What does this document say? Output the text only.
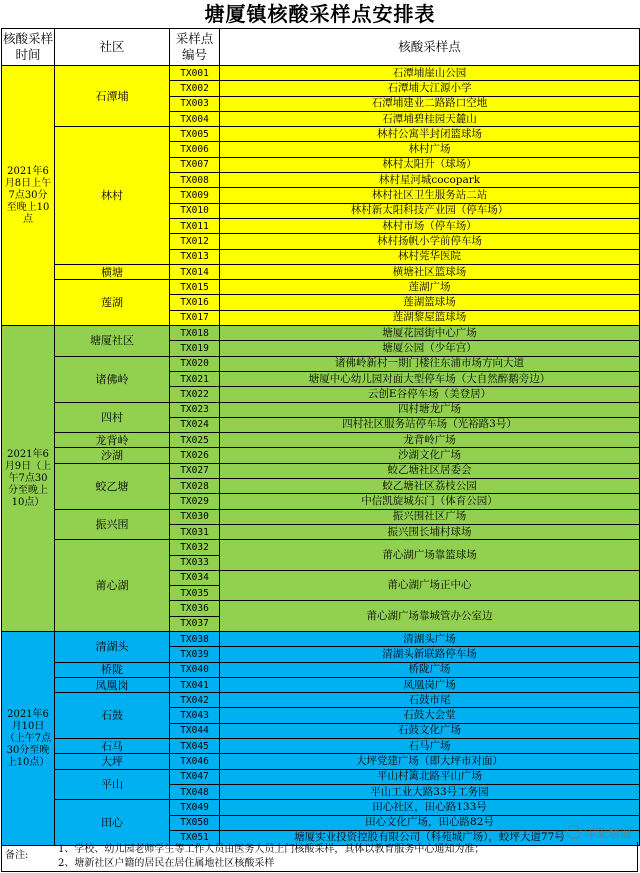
塘厦镇核酸采样点安排表
核酸采样时间	社区	采样点编号	核酸采样点
2021年6月8日上午7点30分至晚上10点	石潭埔	TX001	石潭埔崖山公园
		TX002	石潭埔大江源小学
		TX003	石潭埔建业二路路口空地
		TX004	石潭埔碧桂园天麓山
	林村	TX005	林村公寓半封闭篮球场
		TX006	林村广场
		TX007	林村太阳升（球场）
		TX008	林村星河城cocopark
		TX009	林村社区卫生服务站二站
		TX010	林村新太阳科技产业园（停车场）
		TX011	林村市场（停车场）
		TX012	林村扬帆小学前停车场
		TX013	林村莞华医院
	横塘	TX014	横塘社区篮球场
	莲湖	TX015	莲湖广场
		TX016	莲湖篮球场
		TX017	莲湖黎屋篮球场
2021年6月9日（上午7点30分至晚上10点）	塘厦社区	TX018	塘厦花园街中心广场
		TX019	塘厦公园（少年宫）
	诸佛岭	TX020	诸佛岭新村一期门楼往东浦市场方向大道
		TX021	塘厦中心幼儿园对面大型停车场（大自然醉鹅旁边）
		TX022	云创E谷停车场（美登居）
	四村	TX023	四村塘龙广场
		TX024	四村社区服务站停车场（光裕路3号）
	龙背岭	TX025	龙背岭广场
	沙湖	TX026	沙湖文化广场
	蛟乙塘	TX027	蛟乙塘社区居委会
		TX028	蛟乙塘社区荔枝公园
		TX029	中信凯旋城东门（体育公园）
	振兴围	TX030	振兴围社区广场
		TX031	振兴围长埔村球场
	莆心湖	TX032	莆心湖广场靠篮球场
		TX033	
		TX034	莆心湖广场正中心
		TX035	
		TX036	莆心湖广场靠城管办公室边
		TX037	
2021年6月10日（上午7点30分至晚上10点）	清湖头	TX038	清湖头广场
		TX039	清湖头新联路停车场
	桥陇	TX040	桥陇广场
	凤凰岗	TX041	凤凰岗广场
	石鼓	TX042	石鼓市尾
		TX043	石鼓大会堂
		TX044	石鼓文化广场
	石马	TX045	石马广场
	大坪	TX046	大坪党建广场（即大坪市对面）
	平山	TX047	平山村篱北路平山广场
		TX048	平山工业大路33号工务园
	田心	TX049	田心社区，田心路133号
		TX050	田心文化广场，田心路82号
		TX051	塘厦实业投资控股有限公司（科苑城广场），蛟坪大道77号	印象塘厦
备注:
1、学校、幼儿园老师学生等工作人员由医务人员上门核酸采样，具体以教育服务中心通知为准；
2、塘新社区户籍的居民在居住属地社区核酸采样
